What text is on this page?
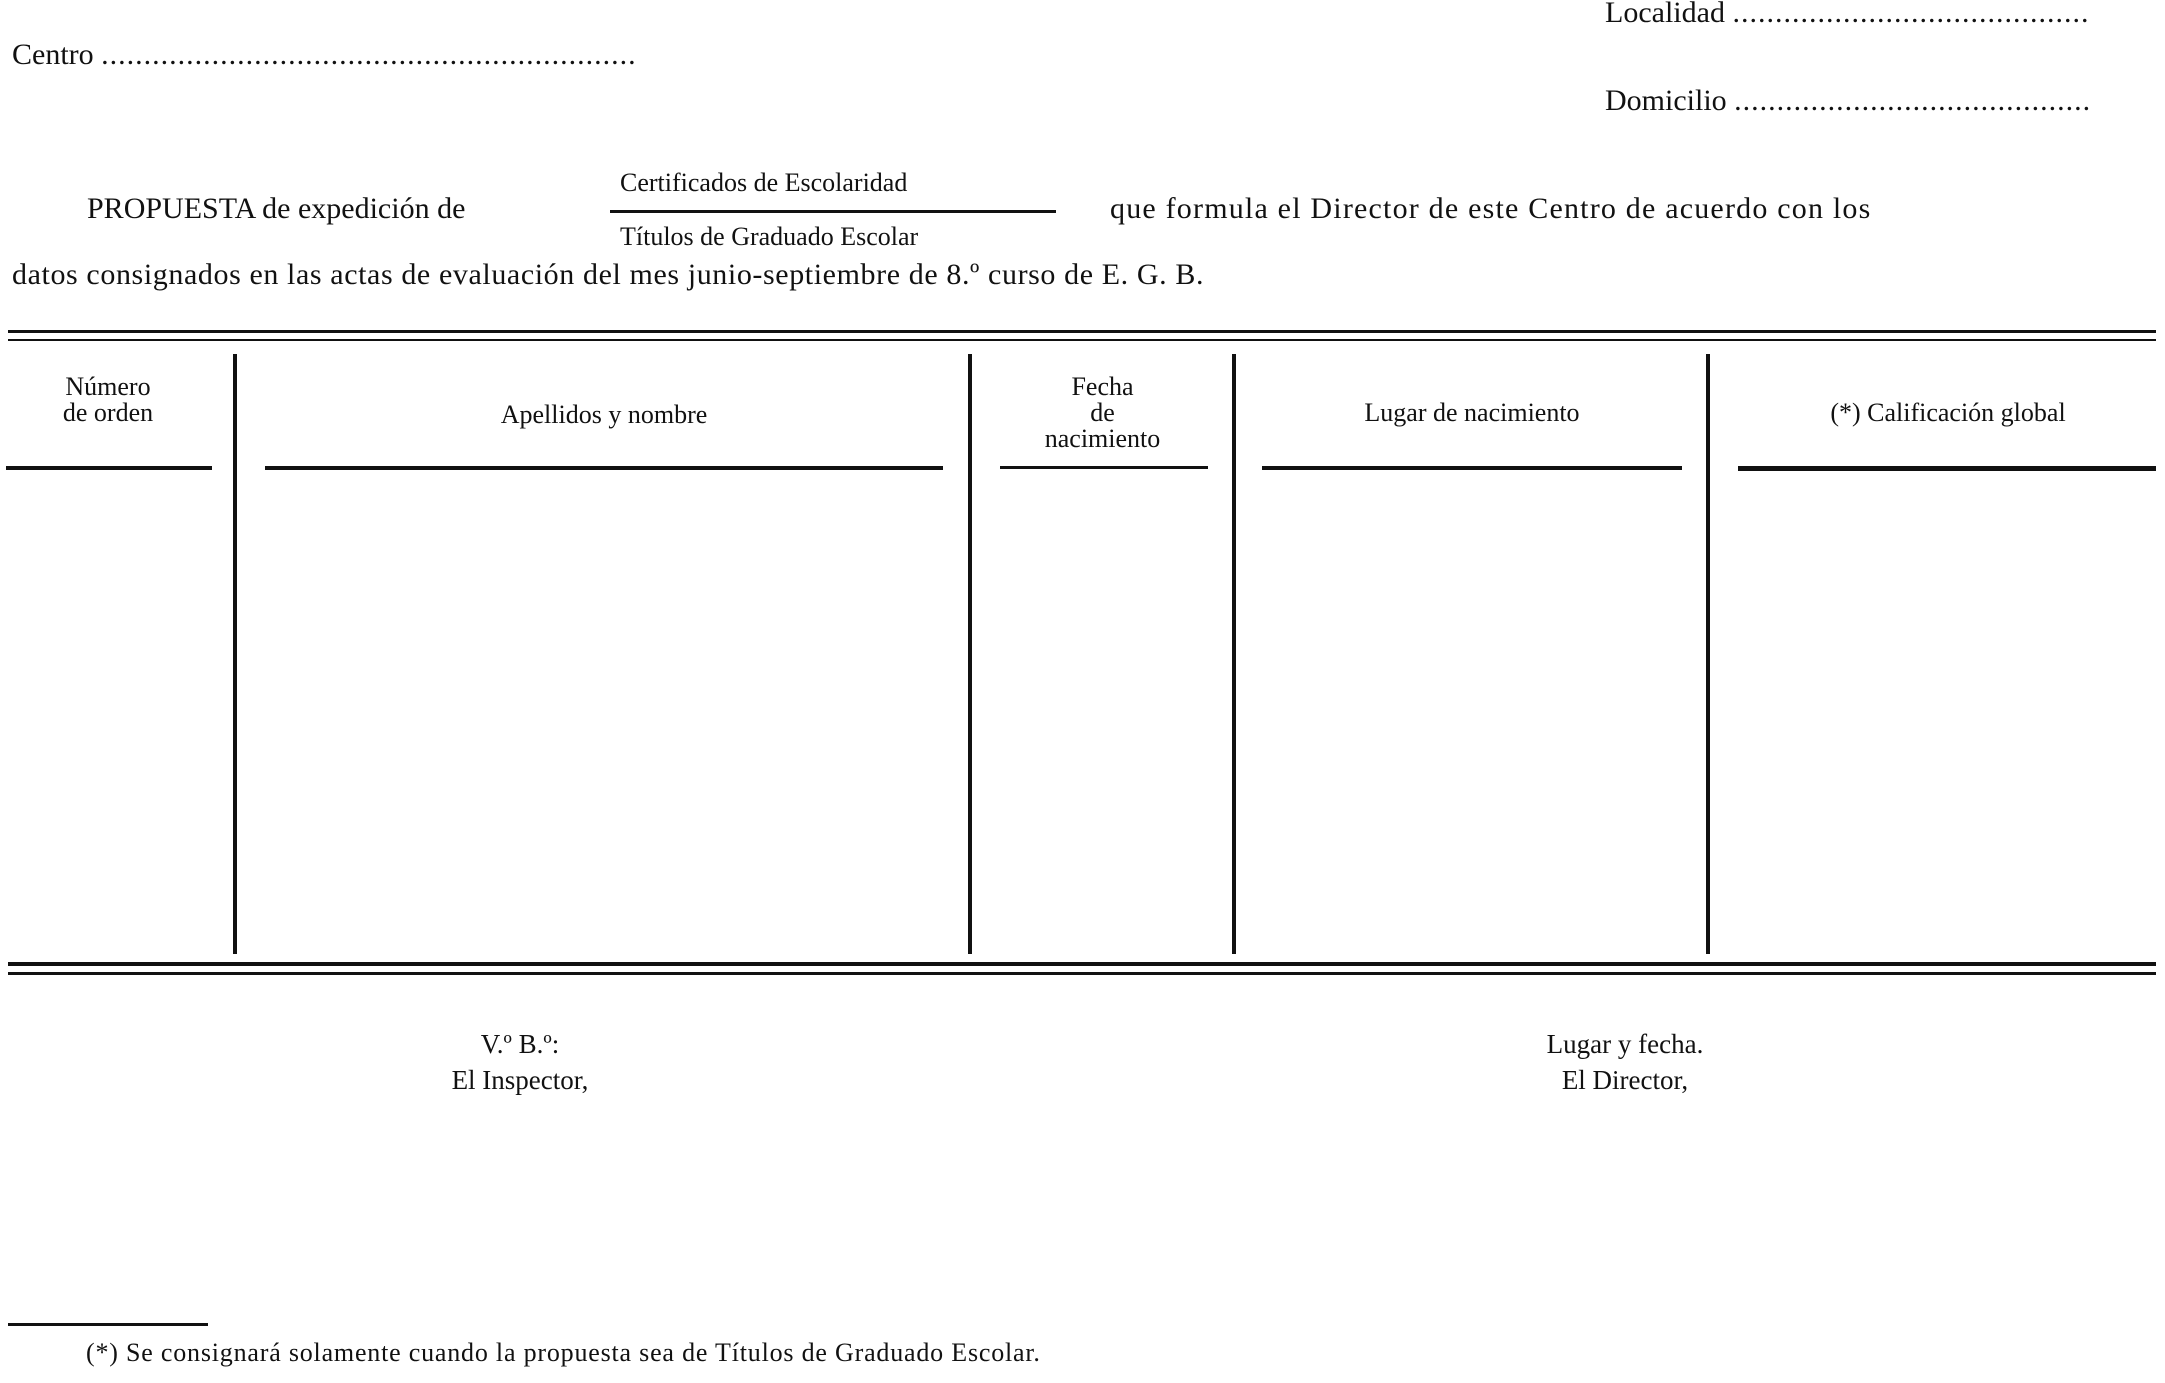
Localidad ..........................................
Centro ...............................................................
Domicilio ..........................................
PROPUESTA de expedición de
Certificados de Escolaridad
Títulos de Graduado Escolar
que formula el Director de este Centro de acuerdo con los
datos consignados en las actas de evaluación del mes junio-septiembre de 8.º curso de E. G. B.
Número
de orden	Apellidos y nombre
Fecha
de
nacimiento
Lugar de nacimiento	(*) Calificación global
V.º B.º:
El Inspector,
Lugar y fecha.
El Director,
(*) Se consignará solamente cuando la propuesta sea de Títulos de Graduado Escolar.
